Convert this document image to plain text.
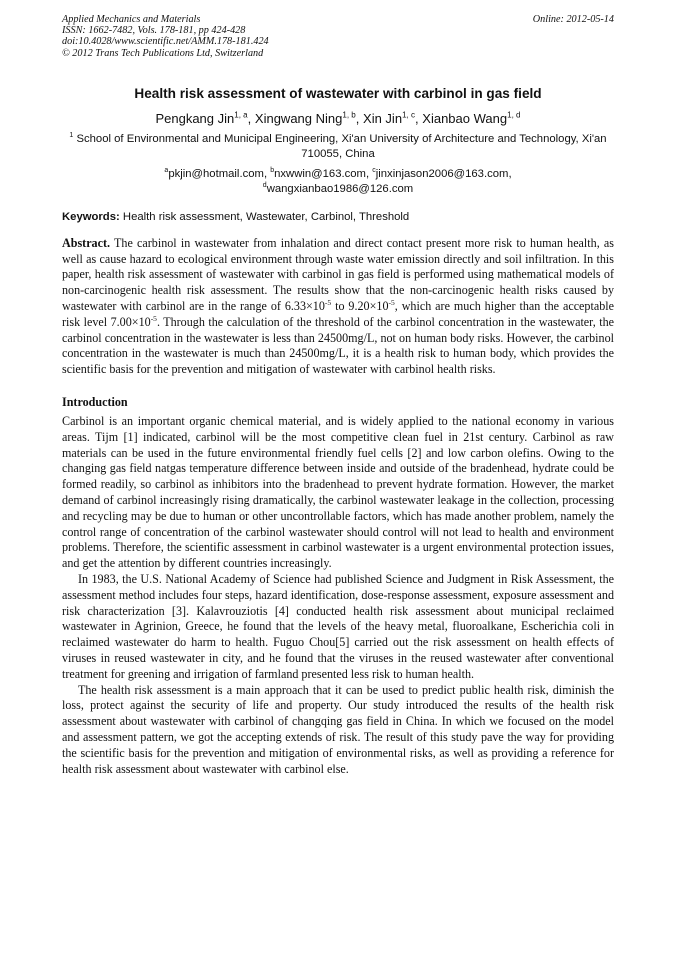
Applied Mechanics and Materials
ISSN: 1662-7482, Vols. 178-181, pp 424-428
doi:10.4028/www.scientific.net/AMM.178-181.424
© 2012 Trans Tech Publications Ltd, Switzerland
Online: 2012-05-14
Health risk assessment of wastewater with carbinol in gas field
Pengkang Jin$^{1, a}$, Xingwang Ning$^{1, b}$, Xin Jin$^{1, c}$, Xianbao Wang$^{1, d}$
$^1$ School of Environmental and Municipal Engineering, Xi'an University of Architecture and Technology, Xi'an 710055, China
$^a$pkjin@hotmail.com, $^b$nxwwin@163.com, $^c$jinxinjason2006@163.com,
$^d$wangxianbao1986@126.com
Keywords: Health risk assessment, Wastewater, Carbinol, Threshold
Abstract. The carbinol in wastewater from inhalation and direct contact present more risk to human health, as well as cause hazard to ecological environment through waste water emission directly and soil infiltration. In this paper, health risk assessment of wastewater with carbinol in gas field is performed using mathematical models of non-carcinogenic health risk assessment. The results show that the non-carcinogenic health risks caused by wastewater with carbinol are in the range of $6.33\times 10^{-5}$ to $9.20\times 10^{-5}$, which are much higher than the acceptable risk level $7.00\times 10^{-5}$. Through the calculation of the threshold of the carbinol concentration in the wastewater, the carbinol concentration in the wastewater is less than 24500mg/L, not on human body risks. However, the carbinol concentration in the wastewater is much than 24500mg/L, it is a health risk to human body, which provides the scientific basis for the prevention and mitigation of wastewater with carbinol health risks.
Introduction
Carbinol is an important organic chemical material, and is widely applied to the national economy in various areas. Tijm [1] indicated, carbinol will be the most competitive clean fuel in 21st century. Carbinol as raw materials can be used in the future environmental friendly fuel cells [2] and low carbon olefins. Owing to the changing gas field natgas temperature difference between inside and outside of the bradenhead, hydrate could be formed readily, so carbinol as inhibitors into the bradenhead to prevent hydrate formation. However, the market demand of carbinol increasingly rising dramatically, the carbinol wastewater leakage in the collection, processing and recycling may be due to human or other uncontrollable factors, which has made another problem, namely the control range of concentration of the carbinol wastewater should control will not lead to health and environment problems. Therefore, the scientific assessment in carbinol wastewater is a urgent environmental protection issues, and get the attention by different countries increasingly.
In 1983, the U.S. National Academy of Science had published Science and Judgment in Risk Assessment, the assessment method includes four steps, hazard identification, dose-response assessment, exposure assessment and risk characterization [3]. Kalavrouziotis [4] conducted health risk assessment about municipal reclaimed wastewater in Agrinion, Greece, he found that the levels of the heavy metal, fluoroalkane, Escherichia coli in reclaimed wastewater do harm to health. Fuguo Chou[5] carried out the risk assessment on health effects of viruses in reused wastewater in city, and he found that the viruses in the reused wastewater after conventional treatment for greening and irrigation of farmland presented less risk to human health.
The health risk assessment is a main approach that it can be used to predict public health risk, diminish the loss, protect against the security of life and property. Our study introduced the results of the health risk assessment about wastewater with carbinol of changqing gas field in China. In which we focused on the model and assessment pattern, we got the accepting extends of risk. The result of this study pave the way for providing the scientific basis for the prevention and mitigation of environmental risks, as well as providing a reference for health risk assessment about wastewater with carbinol else.
